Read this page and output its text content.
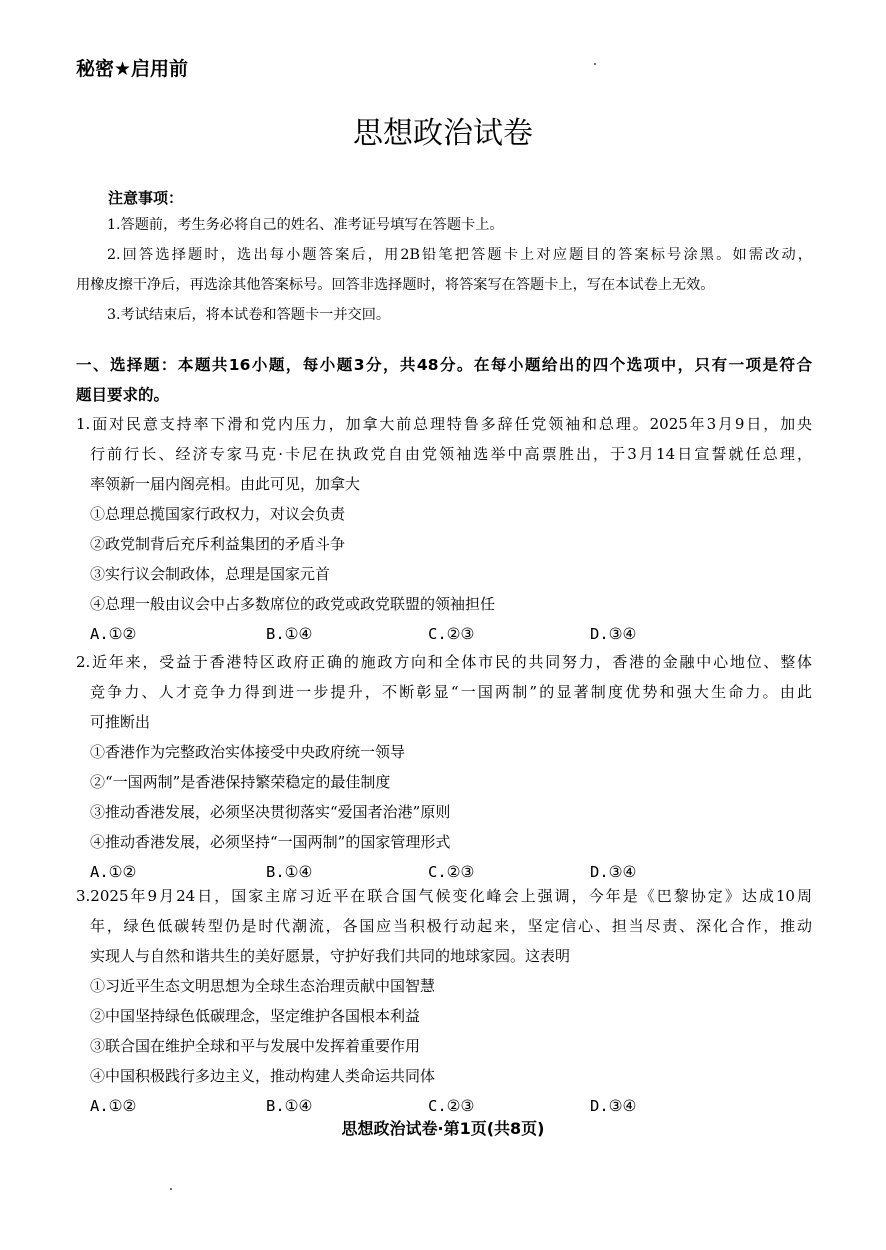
秘密★启用前
思想政治试卷
注意事项：

1.答题前，考生务必将自己的姓名、准考证号填写在答题卡上。

2.回答选择题时，选出每小题答案后，用2B铅笔把答题卡上对应题目的答案标号涂黑。如需改动，

用橡皮擦干净后，再选涂其他答案标号。回答非选择题时，将答案写在答题卡上，写在本试卷上无效。

3.考试结束后，将本试卷和答题卡一并交回。

一、选择题：本题共16小题，每小题3分，共48分。在每小题给出的四个选项中，只有一项是符合

题目要求的。

1.面对民意支持率下滑和党内压力，加拿大前总理特鲁多辞任党领袖和总理。2025年3月9日，加央

行前行长、经济专家马克·卡尼在执政党自由党领袖选举中高票胜出，于3月14日宣誓就任总理，

率领新一届内阁亮相。由此可见，加拿大

①总理总揽国家行政权力，对议会负责

②政党制背后充斥利益集团的矛盾斗争

③实行议会制政体，总理是国家元首

④总理一般由议会中占多数席位的政党或政党联盟的领袖担任

A.①②	B.①④	C.②③	D.③④

2.近年来，受益于香港特区政府正确的施政方向和全体市民的共同努力，香港的金融中心地位、整体

竞争力、人才竞争力得到进一步提升，不断彰显“一国两制”的显著制度优势和强大生命力。由此

可推断出

①香港作为完整政治实体接受中央政府统一领导

②“一国两制”是香港保持繁荣稳定的最佳制度

③推动香港发展，必须坚决贯彻落实“爱国者治港”原则

④推动香港发展，必须坚持“一国两制”的国家管理形式

A.①②	B.①④	C.②③	D.③④

3.2025年9月24日，国家主席习近平在联合国气候变化峰会上强调，今年是《巴黎协定》达成10周

年，绿色低碳转型仍是时代潮流，各国应当积极行动起来，坚定信心、担当尽责、深化合作，推动

实现人与自然和谐共生的美好愿景，守护好我们共同的地球家园。这表明

①习近平生态文明思想为全球生态治理贡献中国智慧

②中国坚持绿色低碳理念，坚定维护各国根本利益

③联合国在维护全球和平与发展中发挥着重要作用

④中国积极践行多边主义，推动构建人类命运共同体

A.①②	B.①④	C.②③	D.③④
思想政治试卷·第1页(共8页)
